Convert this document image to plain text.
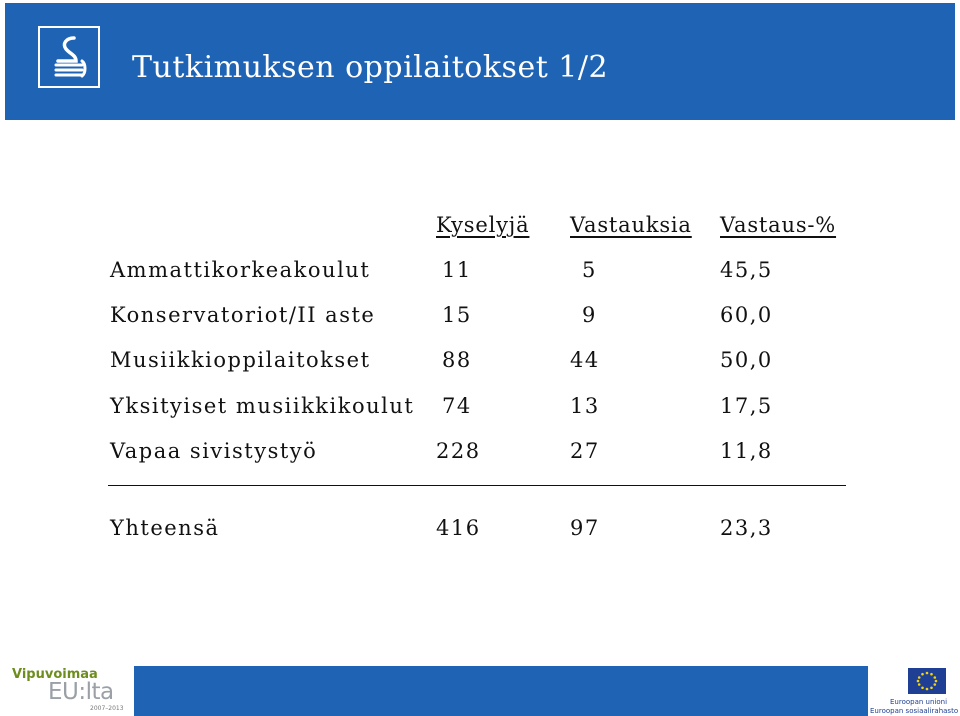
Tutkimuksen oppilaitokset 1/2
Kyselyjä Vastauksia Vastaus-%
Ammattikorkeakoulut	11	5	45,5
Konservatoriot/II aste	15	9	60,0
Musiikkioppilaitokset	88	44	50,0
Yksityiset musiikkikoulut 74	13	17,5
Vapaa sivistystyö	228	27	11,8
Yhteensä	416	97	23,3
Vipuvoimaa
EU:lta
2007–2013
Euroopan unioni
Euroopan sosiaalirahasto
